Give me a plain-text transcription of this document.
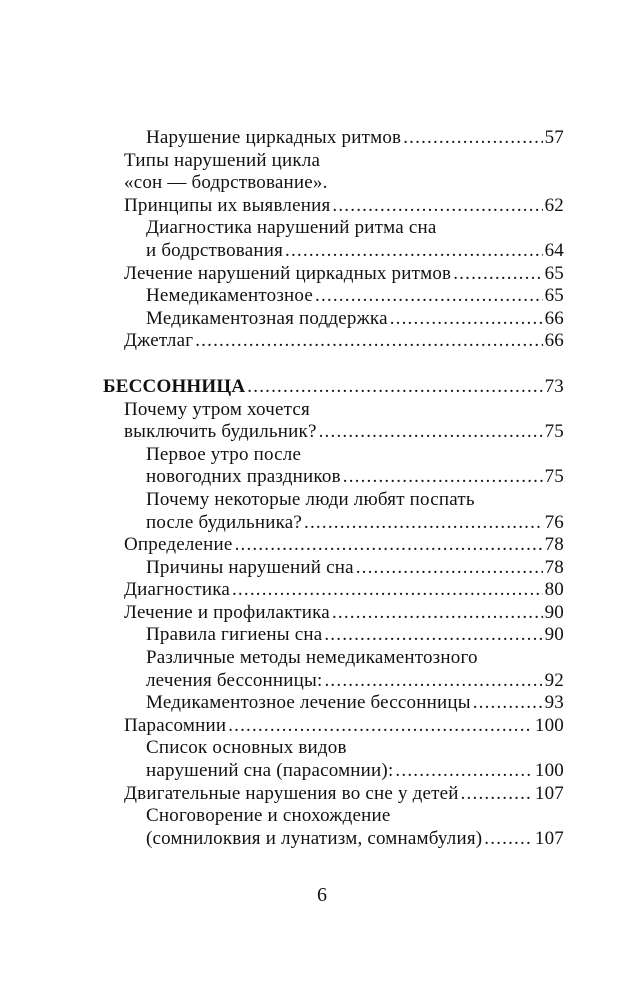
Нарушение циркадных ритмов .....	57
Типы нарушений цикла
«сон — бодрствование».
Принципы их выявления .....	62
Диагностика нарушений ритма сна
и бодрствования .....	64
Лечение нарушений циркадных ритмов .....	65
Немедикаментозное .....	65
Медикаментозная поддержка .....	66
Джетлаг .....	66
БЕССОННИЦА .....	73
Почему утром хочется
выключить будильник? .....	75
Первое утро после
новогодних праздников .....	75
Почему некоторые люди любят поспать
после будильника? .....	76
Определение .....	78
Причины нарушений сна .....	78
Диагностика .....	80
Лечение и профилактика .....	90
Правила гигиены сна .....	90
Различные методы немедикаментозного
лечения бессонницы: .....	92
Медикаментозное лечение бессонницы .....	93
Парасомнии .....	100
Список основных видов
нарушений сна (парасомнии): .....	100
Двигательные нарушения во сне у детей .....	107
Сноговорение и снохождение
(сомнилоквия и лунатизм, сомнамбулия) .....	107
6
